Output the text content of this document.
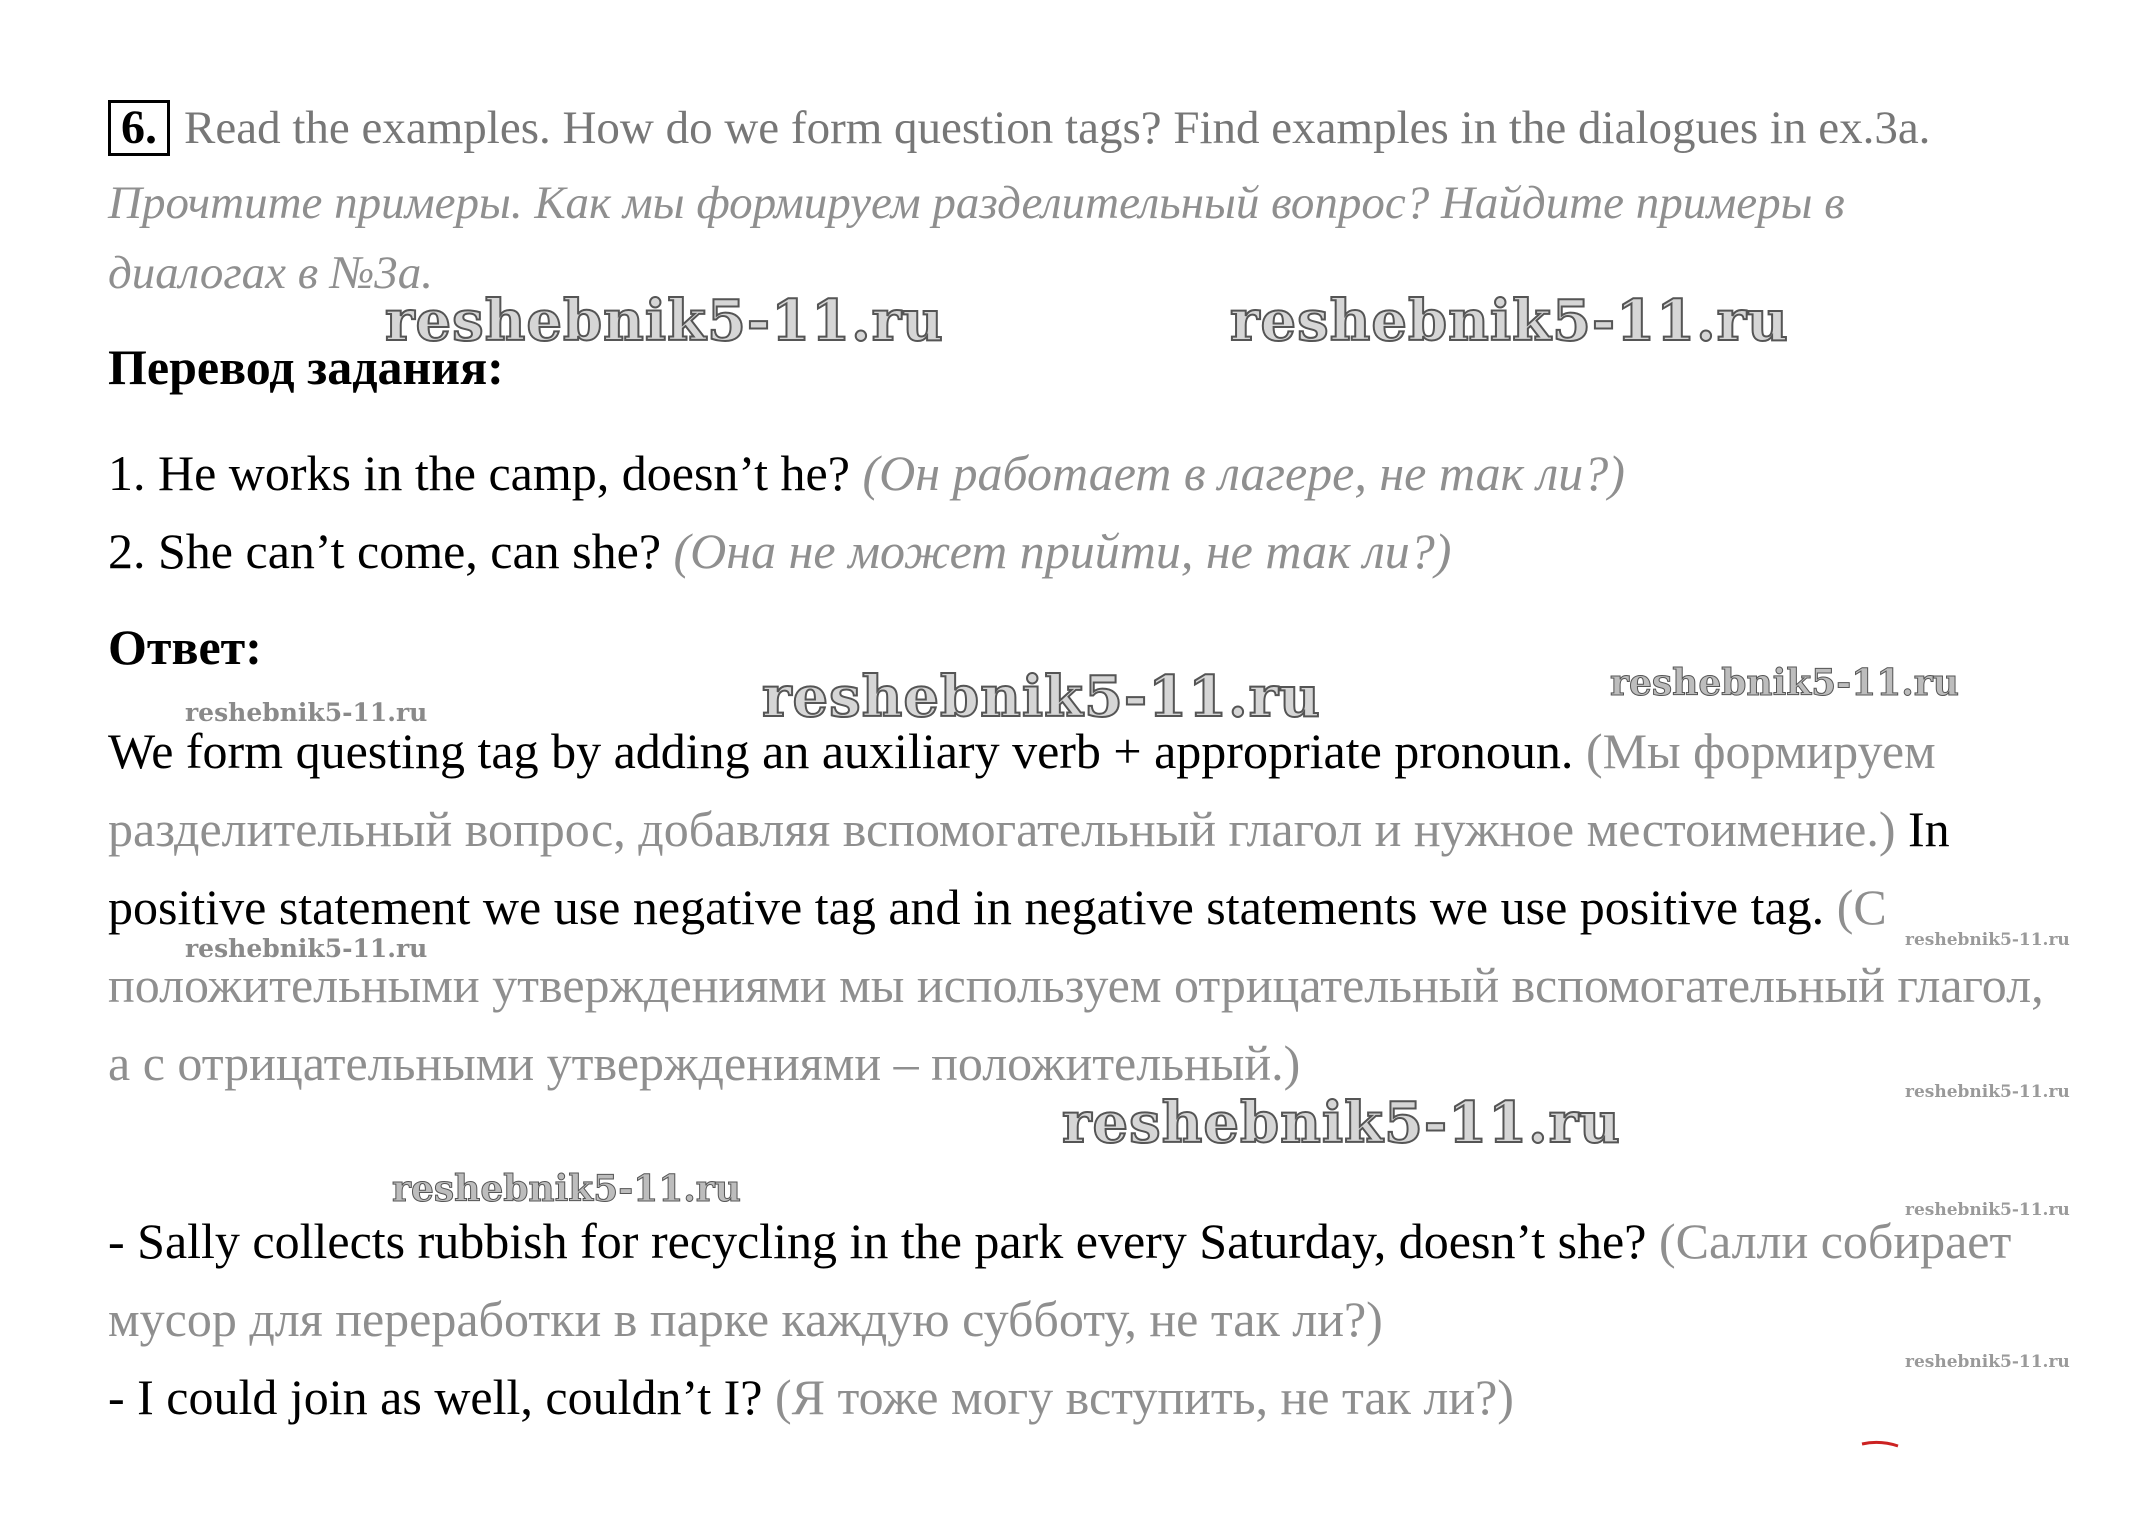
6. Read the examples. How do we form question tags? Find examples in the dialogues in ex.3a.
Прочтите примеры. Как мы формируем разделительный вопрос? Найдите примеры в
диалогах в №3а.
Перевод задания:
1. He works in the camp, doesn’t he? (Он работает в лагере, не так ли?)
2. She can’t come, can she? (Она не может прийти, не так ли?)
Ответ:
We form questing tag by adding an auxiliary verb + appropriate pronoun. (Мы формируем разделительный вопрос, добавляя вспомогательный глагол и нужное местоимение.) In positive statement we use negative tag and in negative statements we use positive tag. (С положительными утверждениями мы используем отрицательный вспомогательный глагол, а с отрицательными утверждениями – положительный.)
- Sally collects rubbish for recycling in the park every Saturday, doesn’t she? (Салли собирает мусор для переработки в парке каждую субботу, не так ли?)
- I could join as well, couldn’t I? (Я тоже могу вступить, не так ли?)
reshebnik5-11.ru	reshebnik5-11.ru
reshebnik5-11.ru
reshebnik5-11.ru
reshebnik5-11.ru
reshebnik5-11.ru
reshebnik5-11.ru
reshebnik5-11.ru	reshebnik5-11.ru
reshebnik5-11.ru
reshebnik5-11.ru
reshebnik5-11.ru
